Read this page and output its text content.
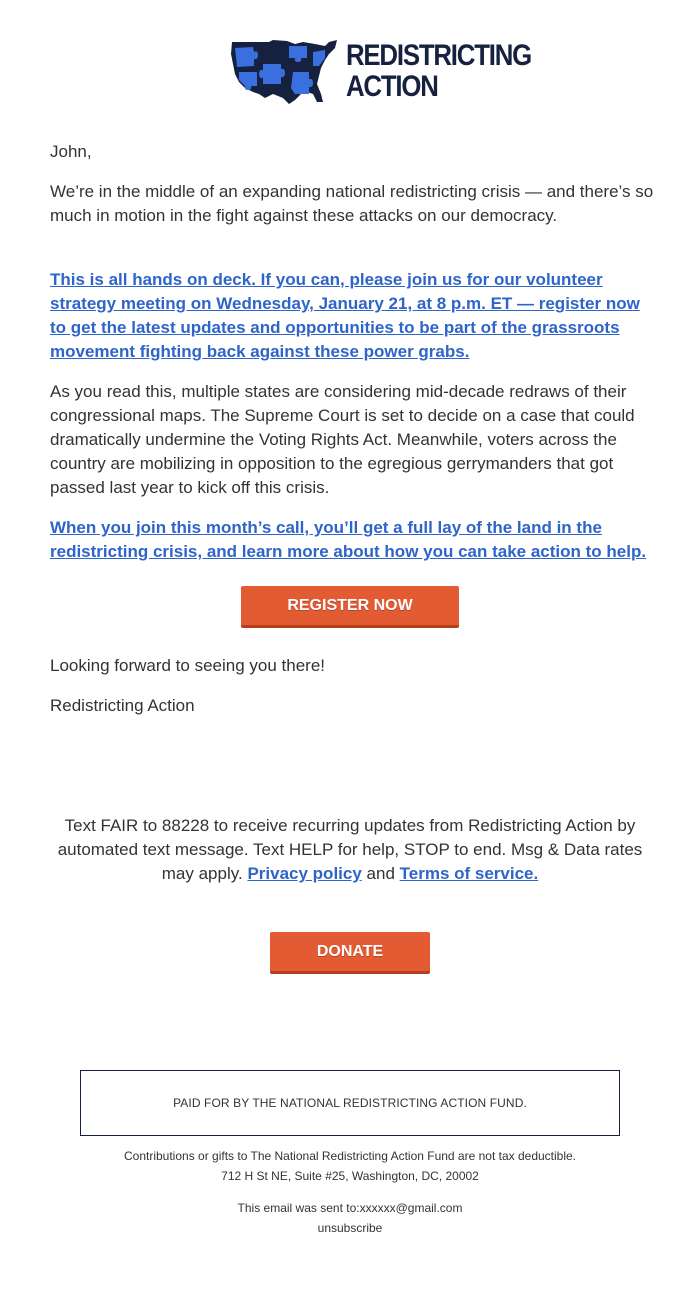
REDISTRICTING
ACTION

John,

We’re in the middle of an expanding national redistricting crisis — and there’s so much in motion in the fight against these attacks on our democracy.

This is all hands on deck. If you can, please join us for our volunteer strategy meeting on Wednesday, January 21, at 8 p.m. ET — register now to get the latest updates and opportunities to be part of the grassroots movement fighting back against these power grabs.

As you read this, multiple states are considering mid-decade redraws of their congressional maps. The Supreme Court is set to decide on a case that could dramatically undermine the Voting Rights Act. Meanwhile, voters across the country are mobilizing in opposition to the egregious gerrymanders that got passed last year to kick off this crisis.

When you join this month’s call, you’ll get a full lay of the land in the redistricting crisis, and learn more about how you can take action to help.

REGISTER NOW

Looking forward to seeing you there!

Redistricting Action

Text FAIR to 88228 to receive recurring updates from Redistricting Action by automated text message. Text HELP for help, STOP to end. Msg & Data rates may apply. Privacy policy and Terms of service.

DONATE
PAID FOR BY THE NATIONAL REDISTRICTING ACTION FUND.

Contributions or gifts to The National Redistricting Action Fund are not tax deductible.

712 H St NE, Suite #25, Washington, DC, 20002

This email was sent to:xxxxxx@gmail.com

unsubscribe
